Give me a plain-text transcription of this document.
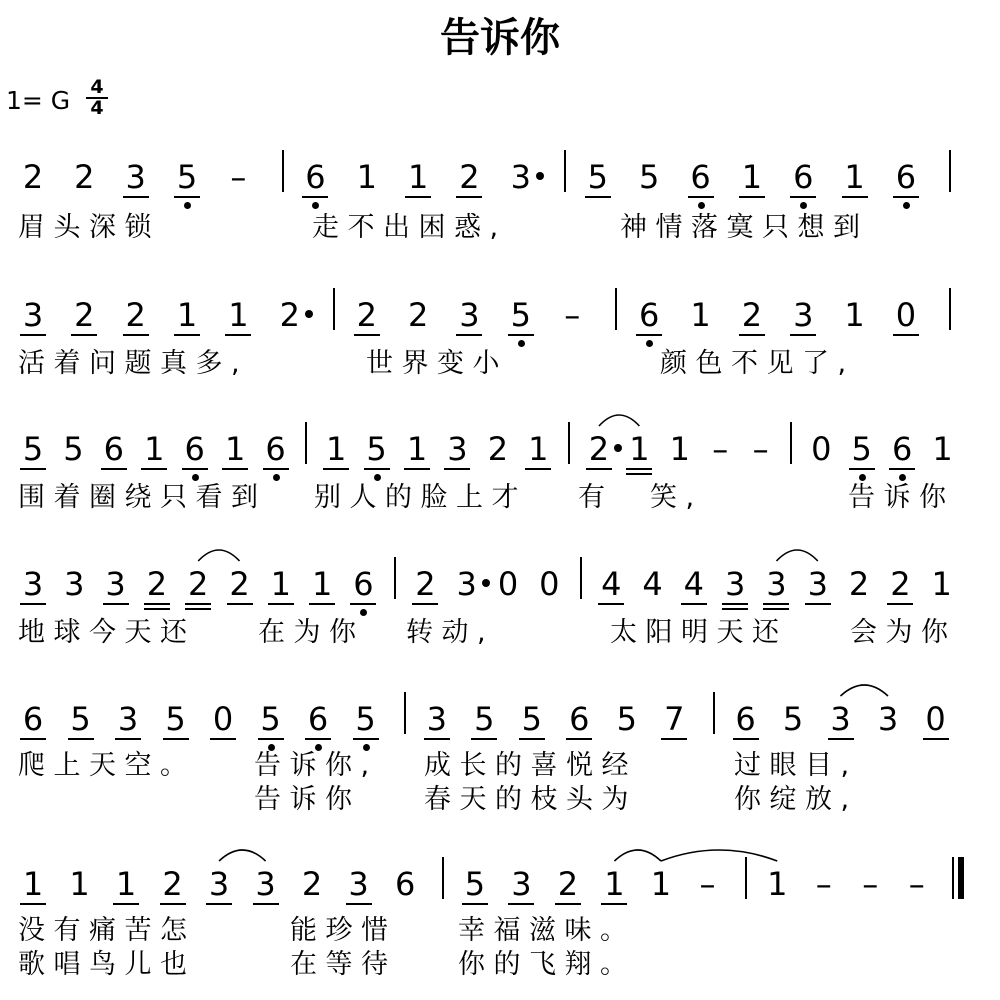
告诉你
1= G $\frac{4}{4}$
2 2 3 5 – 6 1 1 2 3 5 5 6 1 6 1 6
眉头深锁	走不出困惑,	神情落寞只想到
3 2 2 1 1 2 2 2 3 5 – 6 1 2 3 1 0
活着问题真多,	世界变小	颜色不见了,
5 5 6 1 6 1 6 1 5 1 3 2 1 2 1 1 – – 0 5 6 1
围着圈绕只看到 别人的脸上才 有 笑,	告诉你
3 3 3 2 2 2 1 1 6 2 3 0 0 4 4 4 3 3 3 2 2 1
地球今天还 在为你 转动,	太阳明天还 会为你
6 5 3 5 0 5 6 5 3 5 5 6 5 7 6 5 3 3 0
爬上天空。 告诉你, 成长的喜悦经	过眼目,
告诉你 春天的枝头为	你绽放,
1 1 1 2 3 3 2 3 6 5 3 2 1 1 – 1 – – –
没有痛苦怎	能珍惜 幸福滋味。
歌唱鸟儿也	在等待 你的飞翔。
